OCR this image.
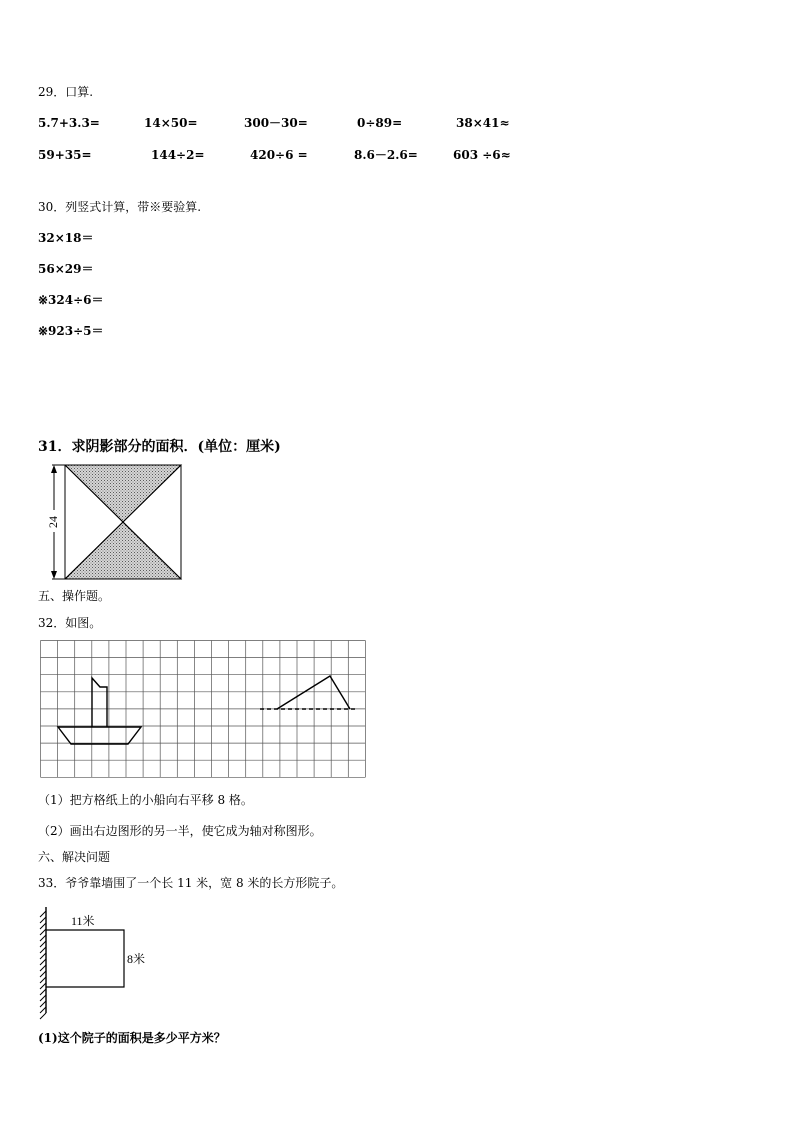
29．口算.
5.7+3.3=	14×50=	300－30=	0÷89=	38×41≈
59+35=	144÷2=	420÷6 =	8.6－2.6=	603 ÷6≈
30．列竖式计算，带※要验算.
32×18＝
56×29＝
※324÷6＝
※923÷5＝
31．求阴影部分的面积．(单位：厘米)
24
五、操作题。
32．如图。
（1）把方格纸上的小船向右平移 8 格。
（2）画出右边图形的另一半，使它成为轴对称图形。
六、解决问题
33．爷爷靠墙围了一个长 11 米，宽 8 米的长方形院子。
11米
8米
(1)这个院子的面积是多少平方米？
